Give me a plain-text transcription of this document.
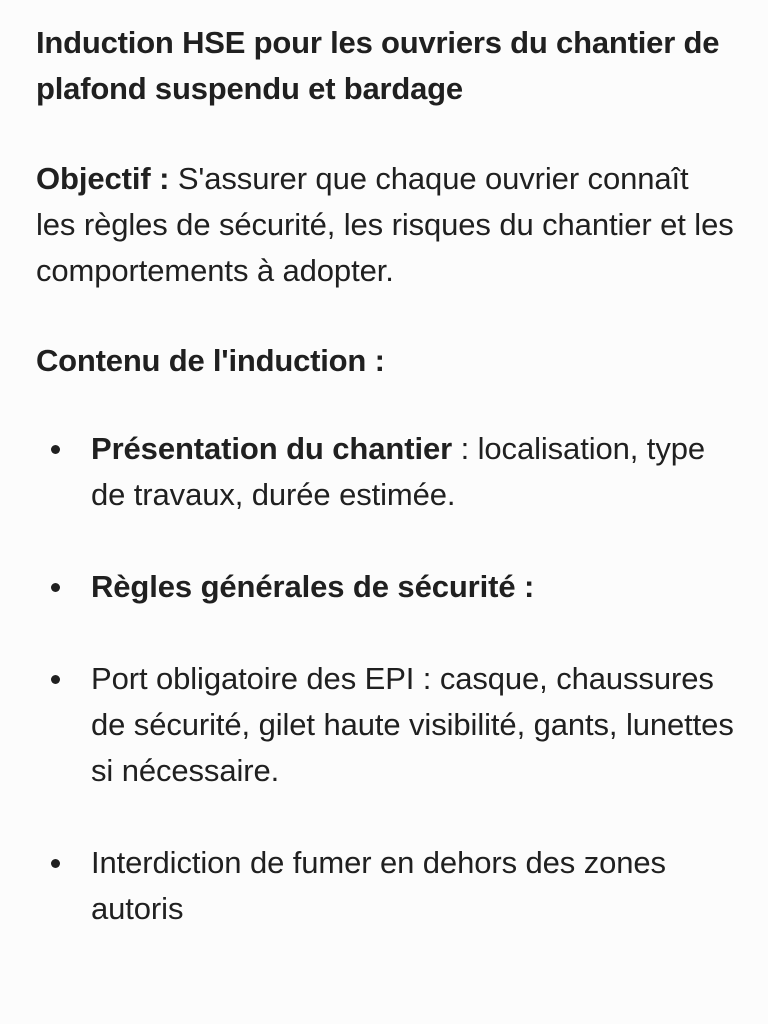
Induction HSE pour les ouvriers du chantier de plafond suspendu et bardage

Objectif : S'assurer que chaque ouvrier connaît les règles de sécurité, les risques du chantier et les comportements à adopter.

Contenu de l'induction :
Présentation du chantier : localisation, type de travaux, durée estimée.
Règles générales de sécurité :
Port obligatoire des EPI : casque, chaussures de sécurité, gilet haute visibilité, gants, lunettes si nécessaire.
Interdiction de fumer en dehors des zones autoris
